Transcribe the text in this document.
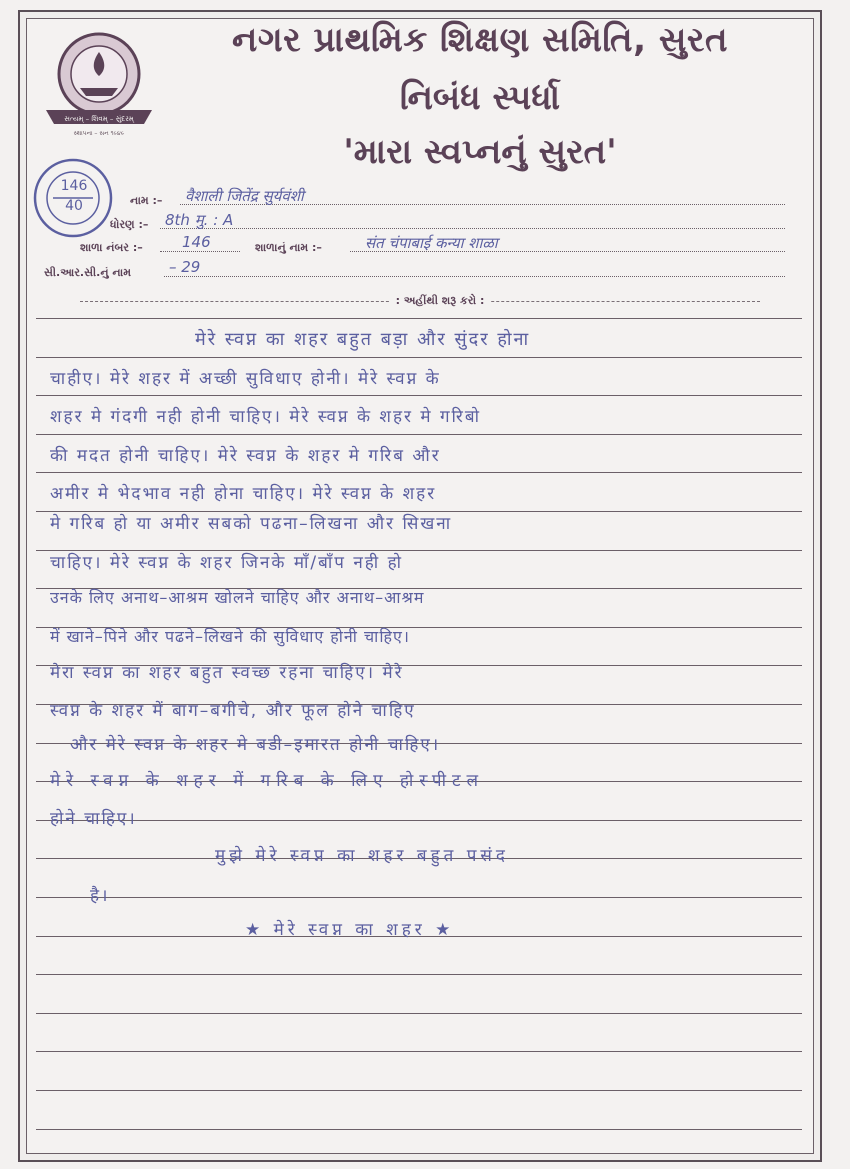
સત્યમ્ – શિવમ્ – સુંદરમ્
સ્થાપના – સન ૧૯૪૯
નગર પ્રાથમિક શિક્ષણ સમિતિ, સુરત
નિબંધ સ્પર્ધા
'મારા સ્વપ્નનું સુરત'
146
40	નામ :– वैशाली जितेंद्र सुर्यवंशी
ધોરણ :– 8th मु. : A
શાળા નંબર :–	146	શાળાનું નામ :–	संत चंपाबाई कन्या शाळा
સી.આર.સી.નું નામ	– 29
: અહીંથી શરૂ કરો :
मेरे स्वप्न का शहर बहुत बड़ा और सुंदर होना
चाहीए। मेरे शहर में अच्छी सुविधाए होनी। मेरे स्वप्न के
शहर मे गंदगी नही होनी चाहिए। मेरे स्वप्न के शहर मे गरिबो
की मदत होनी चाहिए। मेरे स्वप्न के शहर मे गरिब और
अमीर मे भेदभाव नही होना चाहिए। मेरे स्वप्न के शहर
मे गरिब हो या अमीर सबको पढना–लिखना और सिखना
चाहिए। मेरे स्वप्न के शहर जिनके माँ/बाँप नही हो
उनके लिए अनाथ–आश्रम खोलने चाहिए और अनाथ–आश्रम
में खाने–पिने और पढने–लिखने की सुविधाए होनी चाहिए।
मेरा स्वप्न का शहर बहुत स्वच्छ रहना चाहिए। मेरे
स्वप्न के शहर में बाग–बगीचे, और फूल होने चाहिए
और मेरे स्वप्न के शहर मे बडी–इमारत होनी चाहिए।
मेरे स्वप्न के शहर में गरिब के लिए होस्पीटल
होने चाहिए।
मुझे मेरे स्वप्न का शहर बहुत पसंद
है।
★ मेरे स्वप्न का शहर ★
